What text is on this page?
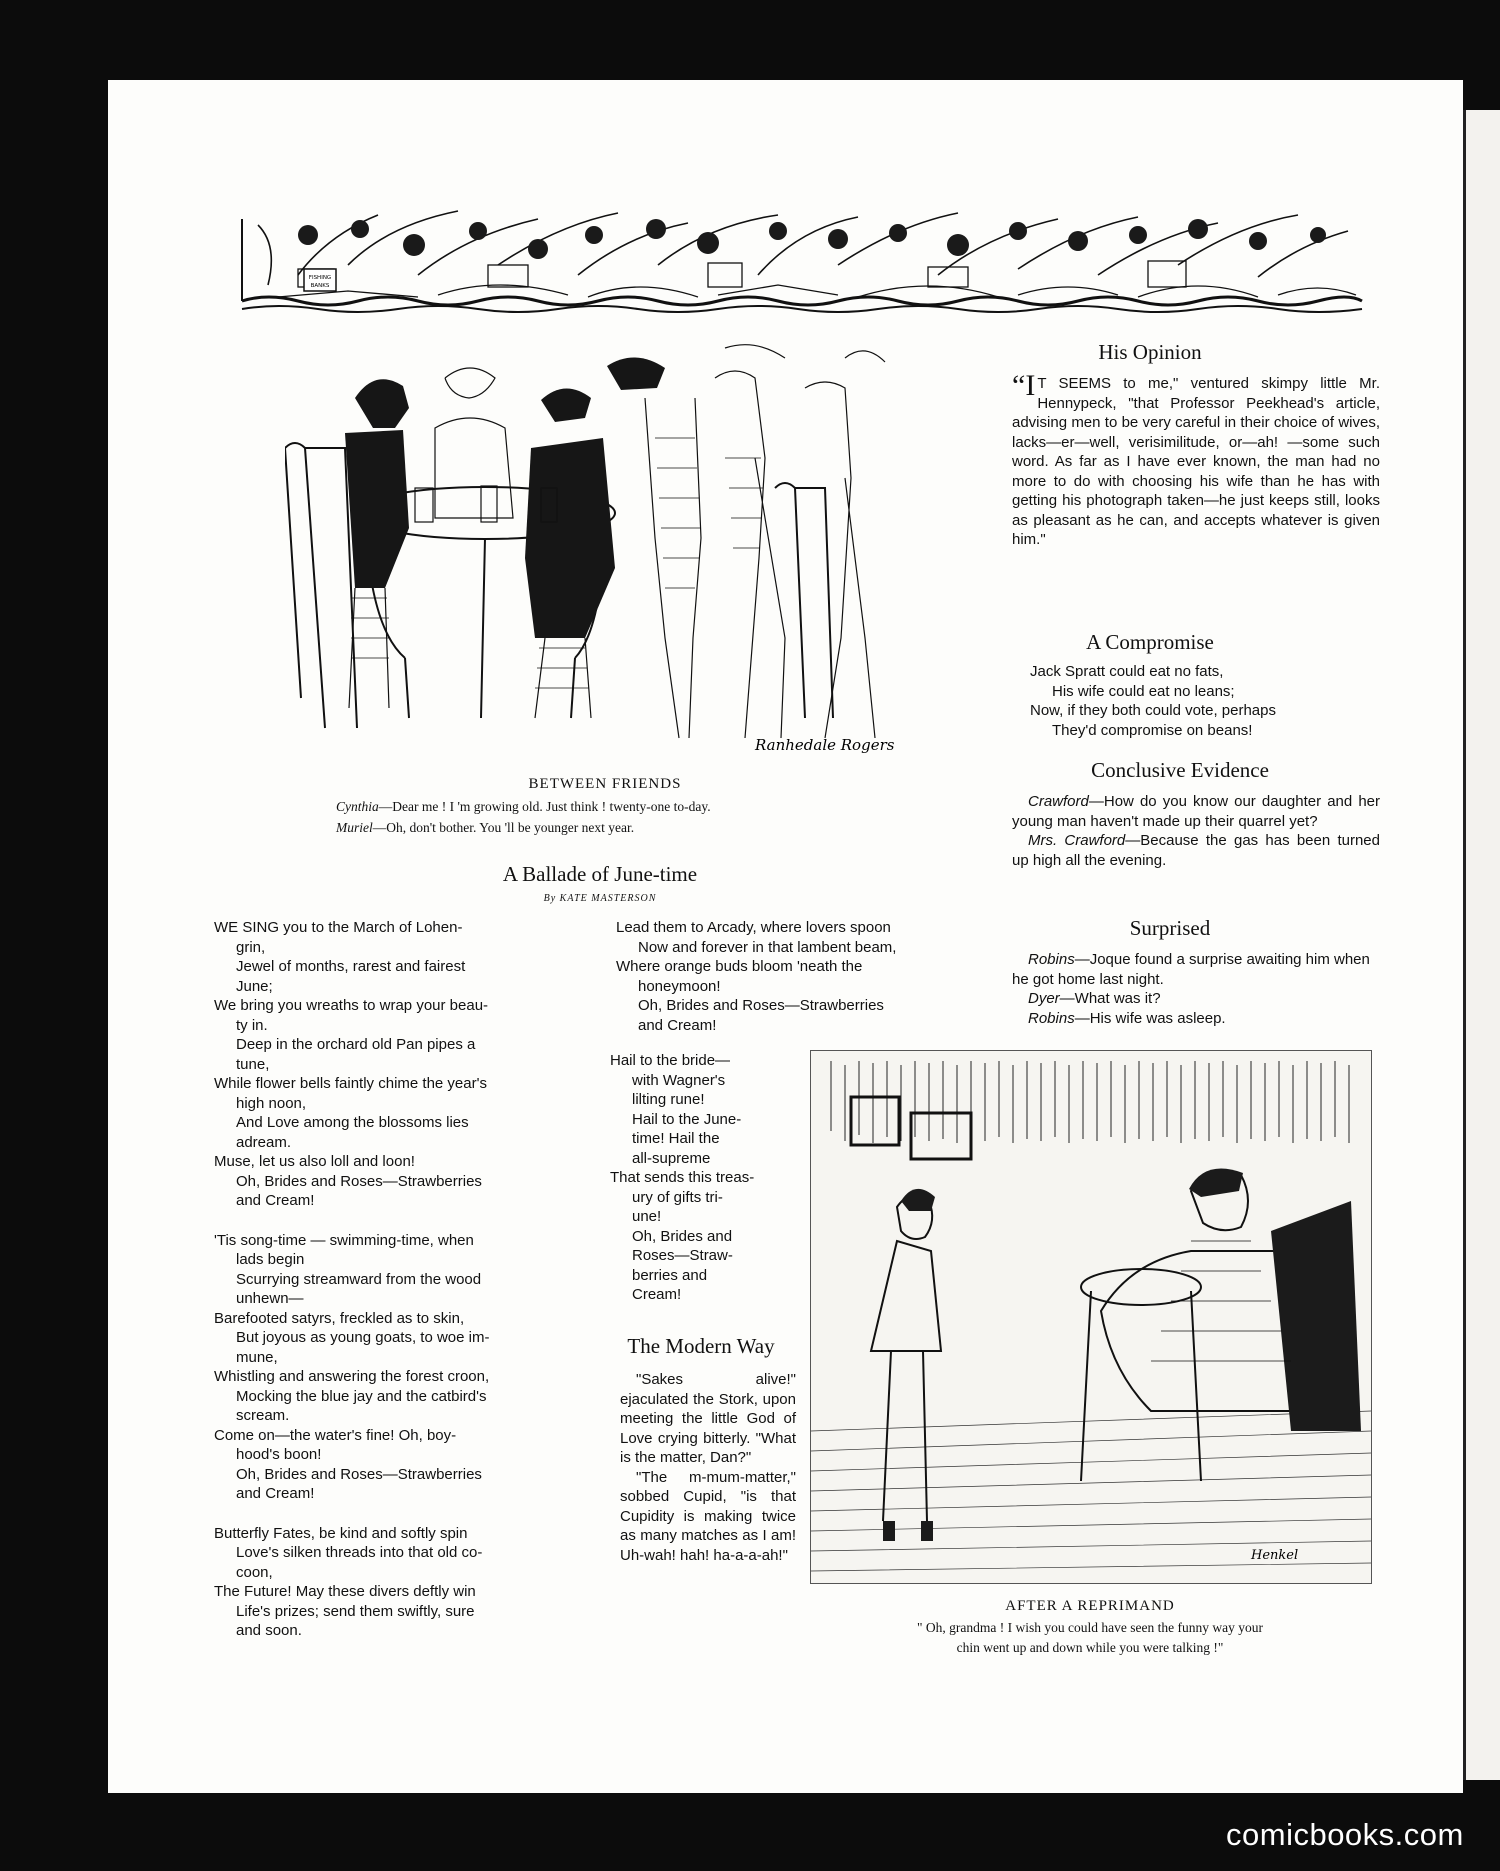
FISHING
BANKS
Ranhedale Rogers
BETWEEN FRIENDS
Cynthia—Dear me ! I 'm growing old. Just think ! twenty-one to-day.
Muriel—Oh, don't bother. You 'll be younger next year.
A Ballade of June-time
By KATE MASTERSON

WE SING you to the March of Lohen-

grin,

Jewel of months, rarest and fairest

June;

We bring you wreaths to wrap your beau-

ty in.

Deep in the orchard old Pan pipes a

tune,

While flower bells faintly chime the year's

high noon,

And Love among the blossoms lies

adream.

Muse, let us also loll and loon!

Oh, Brides and Roses—Strawberries

and Cream!

'Tis song-time — swimming-time, when

lads begin

Scurrying streamward from the wood

unhewn—

Barefooted satyrs, freckled as to skin,

But joyous as young goats, to woe im-

mune,

Whistling and answering the forest croon,

Mocking the blue jay and the catbird's

scream.

Come on—the water's fine! Oh, boy-

hood's boon!

Oh, Brides and Roses—Strawberries

and Cream!

Butterfly Fates, be kind and softly spin

Love's silken threads into that old co-

coon,

The Future! May these divers deftly win

Life's prizes; send them swiftly, sure

and soon.

Lead them to Arcady, where lovers spoon

Now and forever in that lambent beam,

Where orange buds bloom 'neath the

honeymoon!

Oh, Brides and Roses—Strawberries

and Cream!

Hail to the bride—

with Wagner's

lilting rune!

Hail to the June-

time! Hail the

all-supreme

That sends this treas-

ury of gifts tri-

une!

Oh, Brides and

Roses—Straw-

berries and

Cream!

The Modern Way

"Sakes alive!" ejaculated the Stork, upon meeting the little God of Love crying bitterly. "What is the matter, Dan?"

"The m-mum-matter," sobbed Cupid, "is that Cupidity is making twice as many matches as I am! Uh-wah! hah! ha-a-a-ah!"

His Opinion
“I T SEEMS to me," ventured skimpy little Mr. Hennypeck, "that Professor Peekhead's article, advising men to be very careful in their choice of wives, lacks—er—well, verisimilitude, or—ah! —some such word. As far as I have ever known, the man had no more to do with choosing his wife than he has with getting his photograph taken—he just keeps still, looks as pleasant as he can, and accepts whatever is given him."
A Compromise

Jack Spratt could eat no fats,

His wife could eat no leans;

Now, if they both could vote, perhaps

They'd compromise on beans!

Conclusive Evidence

Crawford—How do you know our daughter and her young man haven't made up their quarrel yet?

Mrs. Crawford—Because the gas has been turned up high all the evening.

Surprised

Robins—Joque found a surprise awaiting him when he got home last night.

Dyer—What was it?

Robins—His wife was asleep.

Henkel
AFTER A REPRIMAND
" Oh, grandma ! I wish you could have seen the funny way your
chin went up and down while you were talking !"
comicbooks.com
